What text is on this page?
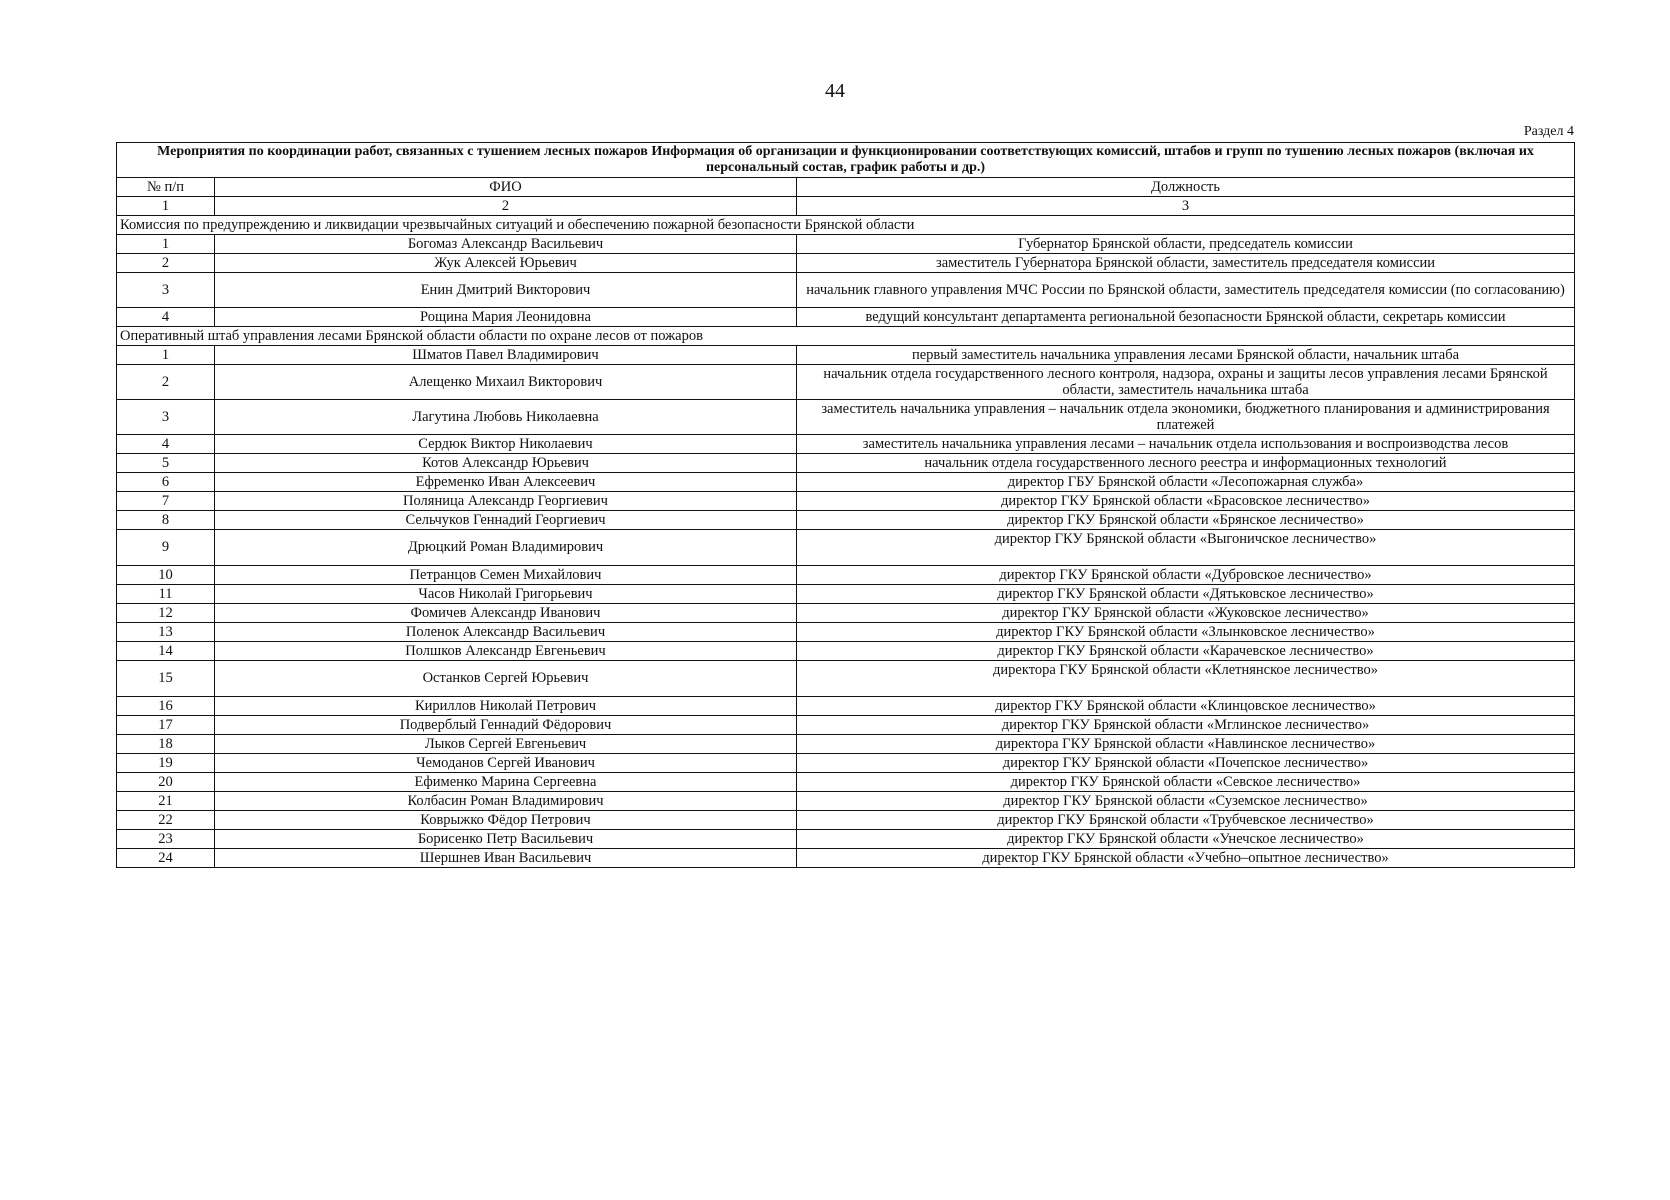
44
Раздел 4
Мероприятия по координации работ, связанных с тушением лесных пожаров Информация об организации и функционировании соответствующих комиссий, штабов и групп по тушению лесных пожаров (включая их персональный состав, график работы и др.)		
№ п/п	ФИО	Должность
1	2	3
Комиссия по предупреждению и ликвидации чрезвычайных ситуаций и обеспечению пожарной безопасности Брянской области		
1	Богомаз Александр Васильевич	Губернатор Брянской области, председатель комиссии
2	Жук Алексей Юрьевич	заместитель Губернатора Брянской области, заместитель председателя комиссии
3	Енин Дмитрий Викторович	начальник главного управления МЧС России по Брянской области, заместитель председателя комиссии (по согласованию)
4	Рощина Мария Леонидовна	ведущий консультант департамента региональной безопасности Брянской области, секретарь комиссии
Оперативный штаб управления лесами Брянской области области по охране лесов от пожаров		
1	Шматов Павел Владимирович	первый заместитель начальника управления лесами Брянской области, начальник штаба
2	Алещенко Михаил Викторович	начальник отдела государственного лесного контроля, надзора, охраны и защиты лесов управления лесами Брянской области, заместитель начальника штаба
3	Лагутина Любовь Николаевна	заместитель начальника управления – начальник отдела экономики, бюджетного планирования и администрирования платежей
4	Сердюк Виктор Николаевич	заместитель начальника управления лесами – начальник отдела использования и воспроизводства лесов
5	Котов Александр Юрьевич	начальник отдела государственного лесного реестра и информационных технологий
6	Ефременко Иван Алексеевич	директор ГБУ Брянской области «Лесопожарная служба»
7	Поляница Александр Георгиевич	директор ГКУ Брянской области «Брасовское лесничество»
8	Сельчуков Геннадий Георгиевич	директор ГКУ Брянской области «Брянское лесничество»
9	Дрюцкий Роман Владимирович	директор ГКУ Брянской области «Выгоничское лесничество»
10	Петранцов Семен Михайлович	директор ГКУ Брянской области «Дубровское лесничество»
11	Часов Николай Григорьевич	директор ГКУ Брянской области «Дятьковское лесничество»
12	Фомичев Александр Иванович	директор ГКУ Брянской области «Жуковское лесничество»
13	Поленок Александр Васильевич	директор ГКУ Брянской области «Злынковское лесничество»
14	Полшков Александр Евгеньевич	директор ГКУ Брянской области «Карачевское лесничество»
15	Останков Сергей Юрьевич	директора ГКУ Брянской области «Клетнянское лесничество»
16	Кириллов Николай Петрович	директор ГКУ Брянской области «Клинцовское лесничество»
17	Подверблый Геннадий Фёдорович	директор ГКУ Брянской области «Мглинское лесничество»
18	Лыков Сергей Евгеньевич	директора ГКУ Брянской области «Навлинское лесничество»
19	Чемоданов Сергей Иванович	директор ГКУ Брянской области «Почепское лесничество»
20	Ефименко Марина Сергеевна	директор ГКУ Брянской области «Севское лесничество»
21	Колбасин Роман Владимирович	директор ГКУ Брянской области «Суземское лесничество»
22	Коврыжко Фёдор Петрович	директор ГКУ Брянской области «Трубчевское лесничество»
23	Борисенко Петр Васильевич	директор ГКУ Брянской области «Унечское лесничество»
24	Шершнев Иван Васильевич	директор ГКУ Брянской области «Учебно–опытное лесничество»
